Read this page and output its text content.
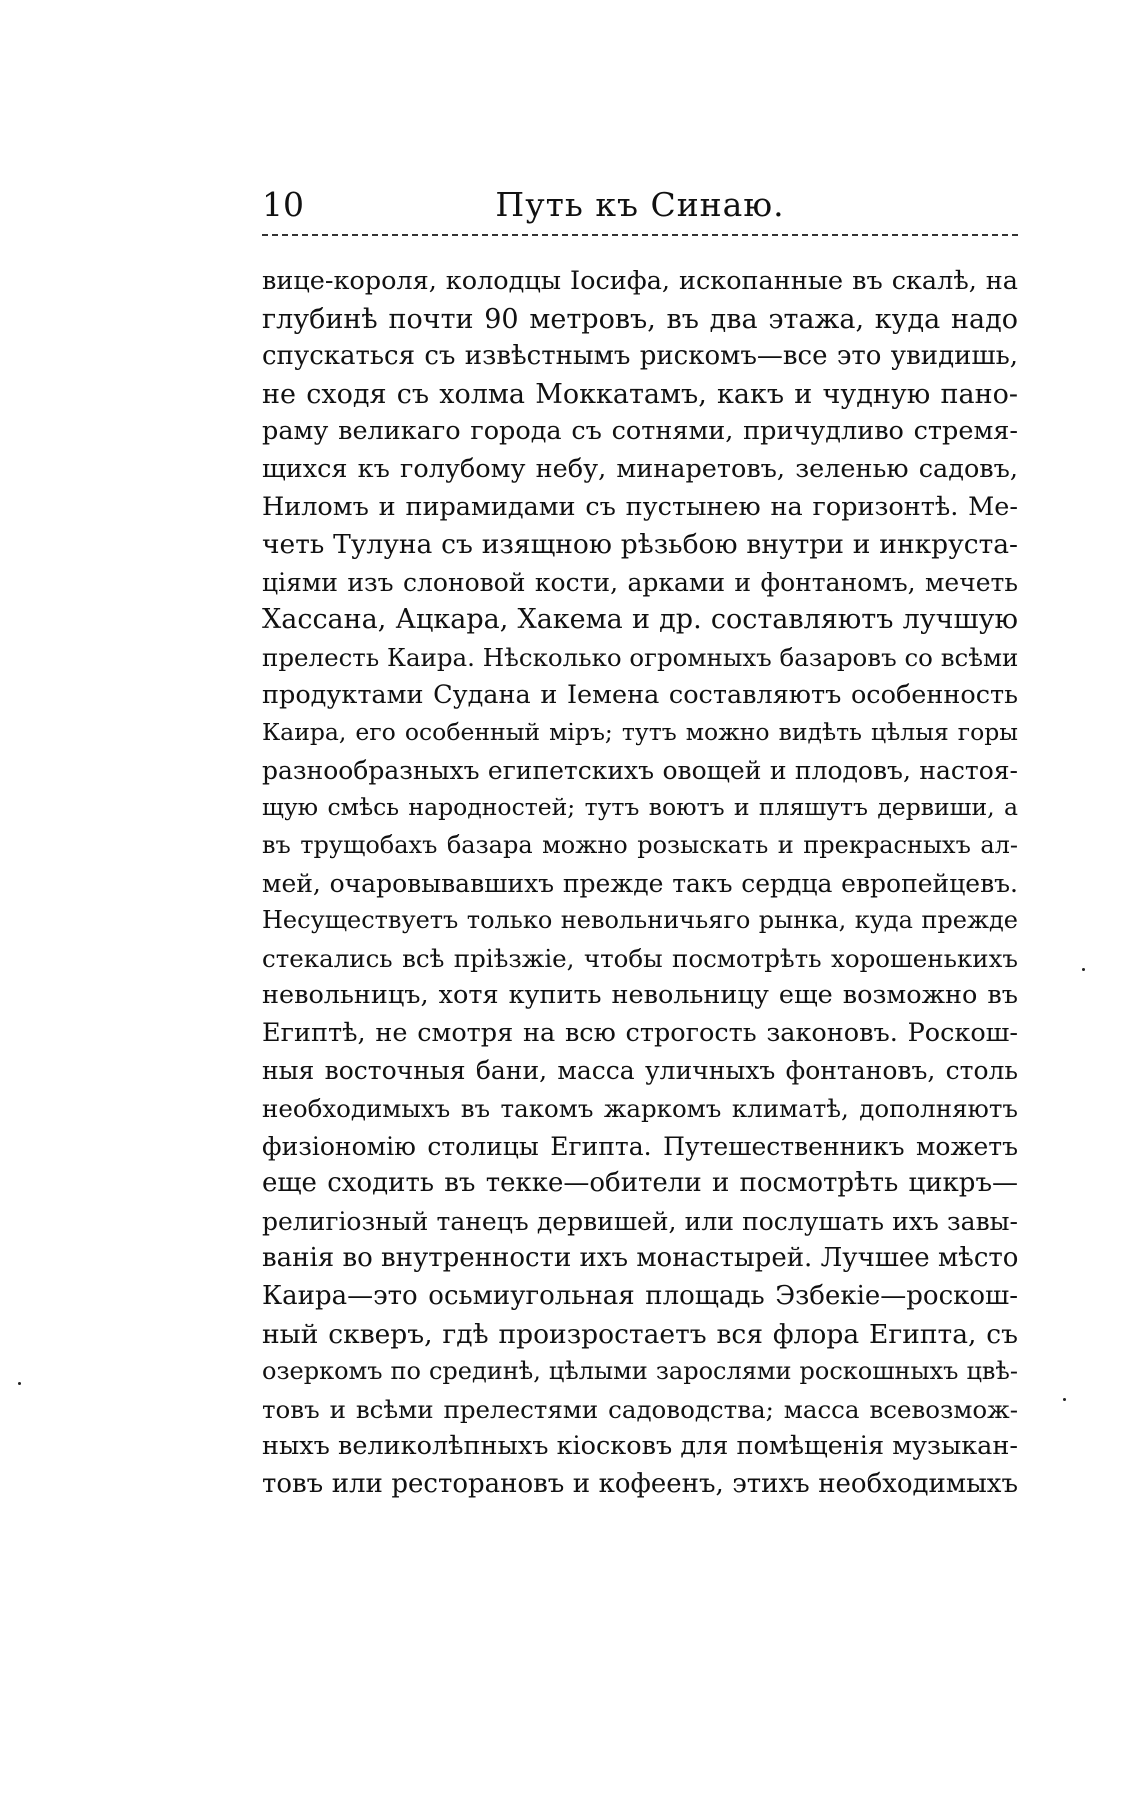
10	Путь къ Синаю.
вице-короля, колодцы Іосифа, ископанные въ скалѣ, на
глубинѣ почти 90 метровъ, въ два этажа, куда надо
спускаться съ извѣстнымъ рискомъ—все это увидишь,
не сходя съ холма Моккатамъ, какъ и чудную пано-
раму великаго города съ сотнями, причудливо стремя-
щихся къ голубому небу, минаретовъ, зеленью садовъ,
Ниломъ и пирамидами съ пустынею на горизонтѣ. Ме-
четь Тулуна съ изящною рѣзьбою внутри и инкруста-
ціями изъ слоновой кости, арками и фонтаномъ, мечеть
Хассана, Ацкара, Хакема и др. составляютъ лучшую
прелесть Каира. Нѣсколько огромныхъ базаровъ со всѣми
продуктами Судана и Іемена составляютъ особенность
Каира, его особенный міръ; тутъ можно видѣть цѣлыя горы
разнообразныхъ египетскихъ овощей и плодовъ, настоя-
щую смѣсь народностей; тутъ воютъ и пляшутъ дервиши, а
въ трущобахъ базара можно розыскать и прекрасныхъ ал-
мей, очаровывавшихъ прежде такъ сердца европейцевъ.
Несуществуетъ только невольничьяго рынка, куда прежде
стекались всѣ пріѣзжіе, чтобы посмотрѣть хорошенькихъ
невольницъ, хотя купить невольницу еще возможно въ
Египтѣ, не смотря на всю строгость законовъ. Роскош-
ныя восточныя бани, масса уличныхъ фонтановъ, столь
необходимыхъ въ такомъ жаркомъ климатѣ, дополняютъ
физіономію столицы Египта. Путешественникъ можетъ
еще сходить въ текке—обители и посмотрѣть цикръ—
религіозный танецъ дервишей, или послушать ихъ завы-
ванія во внутренности ихъ монастырей. Лучшее мѣсто
Каира—это осьмиугольная площадь Эзбекіе—роскош-
ный скверъ, гдѣ произростаетъ вся флора Египта, съ
озеркомъ по срединѣ, цѣлыми зарослями роскошныхъ цвѣ-
товъ и всѣми прелестями садоводства; масса всевозмож-
ныхъ великолѣпныхъ кіосковъ для помѣщенія музыкан-
товъ или ресторановъ и кофеенъ, этихъ необходимыхъ
